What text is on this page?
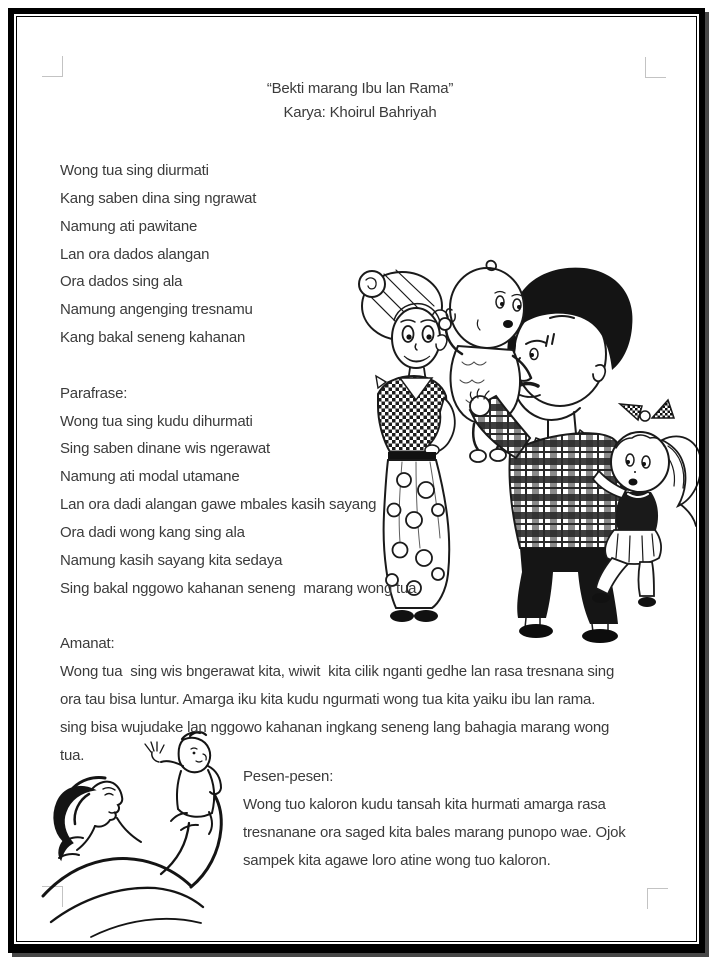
“Bekti marang Ibu lan Rama”
Karya: Khoirul Bahriyah
Wong tua sing diurmati
Kang saben dina sing ngrawat
Namung ati pawitane
Lan ora dados alangan
Ora dados sing ala
Namung angenging tresnamu
Kang bakal seneng kahanan
Parafrase:
Wong tua sing kudu dihurmati
Sing saben dinane wis ngerawat
Namung ati modal utamane
Lan ora dadi alangan gawe mbales kasih sayang
Ora dadi wong kang sing ala
Namung kasih sayang kita sedaya
Sing bakal nggowo kahanan seneng  marang wong tua
Amanat:
Wong tua  sing wis bngerawat kita, wiwit  kita cilik nganti gedhe lan rasa tresnana sing
ora tau bisa luntur. Amarga iku kita kudu ngurmati wong tua kita yaiku ibu lan rama.
sing bisa wujudake lan nggowo kahanan ingkang seneng lang bahagia marang wong
tua.
Pesen-pesen:
Wong tuo kaloron kudu tansah kita hurmati amarga rasa
tresnanane ora saged kita bales marang punopo wae. Ojok
sampek kita agawe loro atine wong tuo kaloron.
